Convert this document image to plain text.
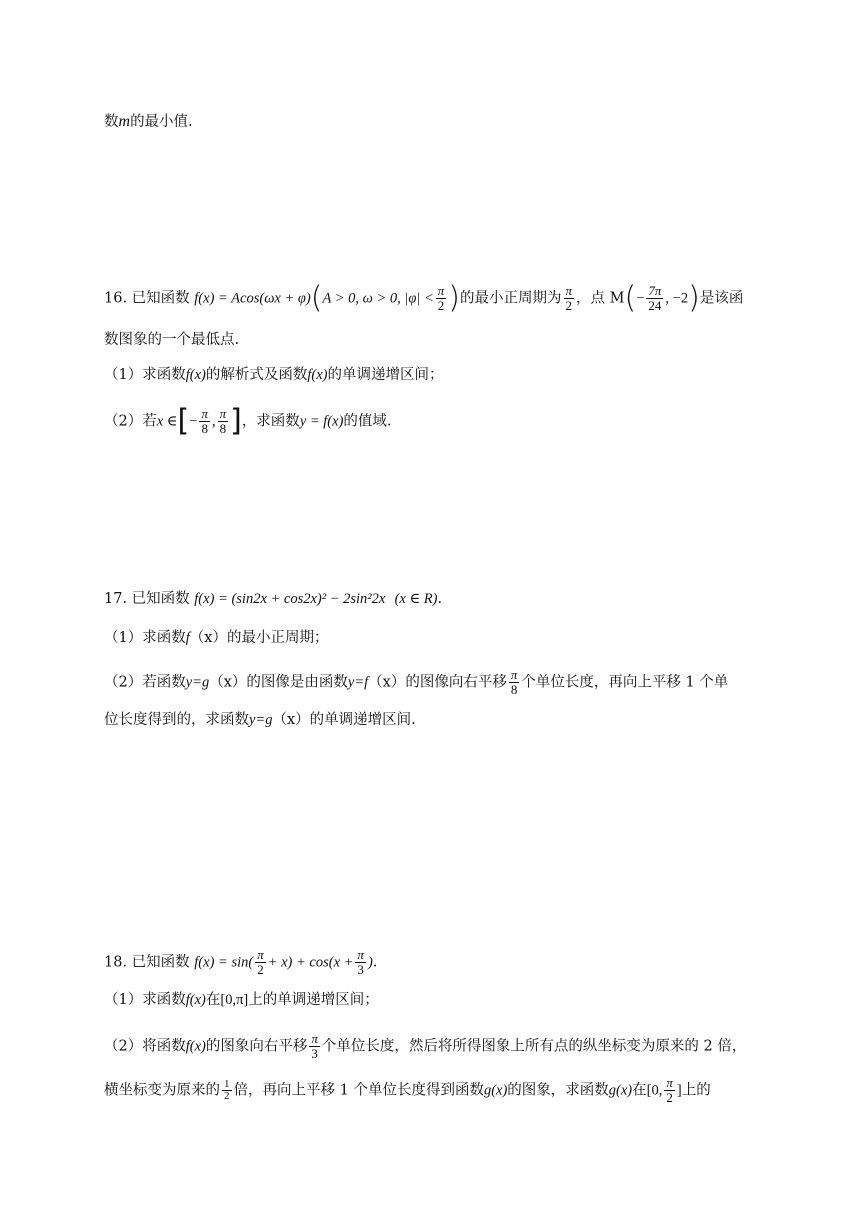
数m的最小值.
16. 已知函数 f(x) = Acos(ωx + φ)(A > 0, ω > 0, $|\varphi| < \frac{\pi}{2}$ )的最小正周期为 $\frac{\pi}{2}$ ，点 $M(- \frac{7\pi}{24}$ , −2)是该函
数图象的一个最低点.
（1）求函数f(x)的解析式及函数f(x)的单调递增区间；
（2）若x ∈[− $\frac{\pi}{8}$ , $\frac{\pi}{8}$ ]，求函数y = f(x)的值域.
17. 已知函数 f(x) = (sin2x + cos2x)² − 2sin²2x (x ∈ R).
（1）求函数f（x）的最小正周期；
（2）若函数y=g（x）的图像是由函数y=f（x）的图像向右平移 $\frac{\pi}{8}$ 个单位长度，再向上平移 1 个单
位长度得到的，求函数y=g（x）的单调递增区间.
18. 已知函数 $f(x) = \sin( \frac{\pi}{2} + x) + \cos(x + \frac{\pi}{3}$ ).
（1）求函数f(x)在[0,π]上的单调递增区间；
（2）将函数f(x)的图象向右平移 $\frac{\pi}{3}$ 个单位长度，然后将所得图象上所有点的纵坐标变为原来的 2 倍，
横坐标变为原来的 $\frac{1}{2}$ 倍，再向上平移 1 个单位长度得到函数g(x)的图象，求函数g(x)在[0, $\frac{\pi}{2}$ ]上的
